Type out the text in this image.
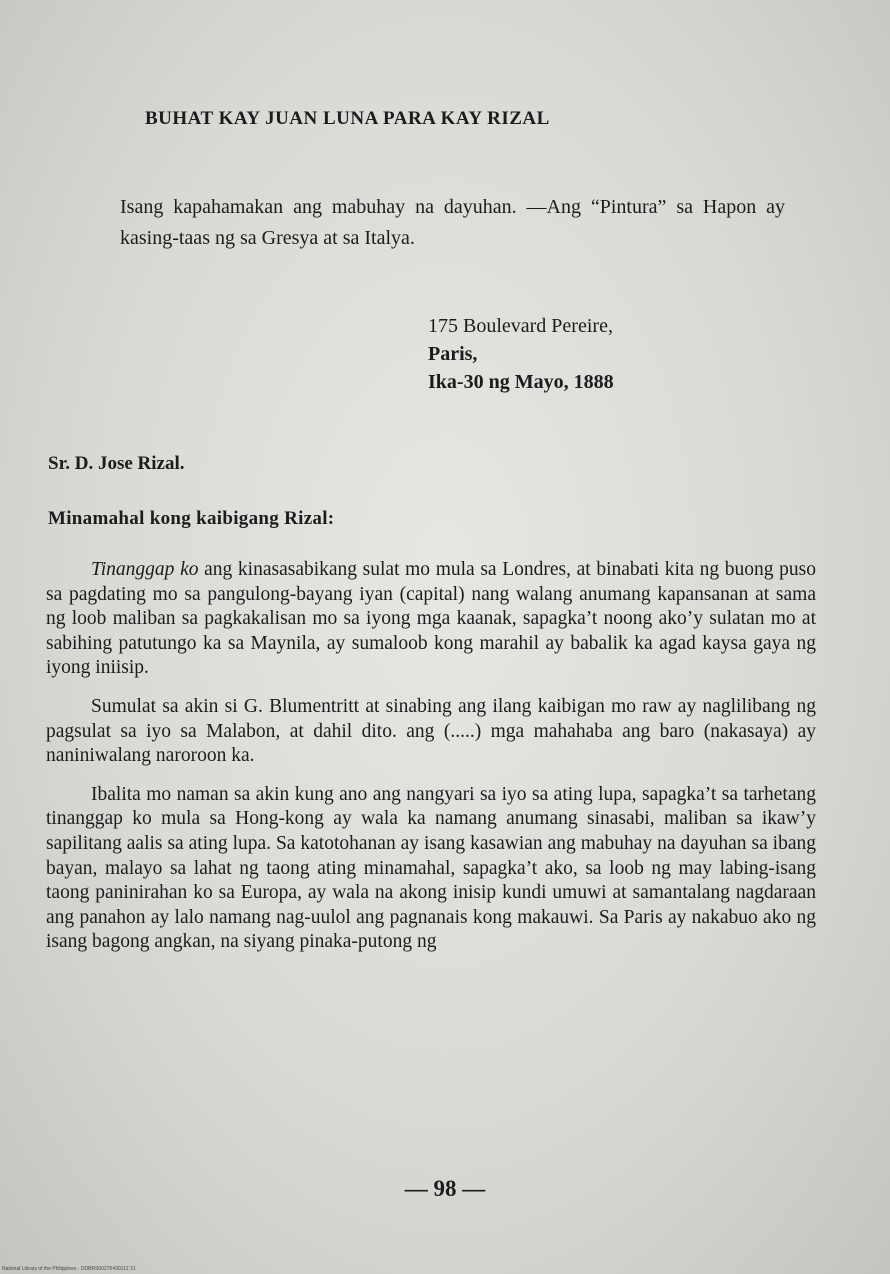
BUHAT KAY JUAN LUNA PARA KAY RIZAL
Isang kapahamakan ang mabuhay na dayuhan. —Ang “Pintura” sa Hapon ay kasing-taas ng sa Gresya at sa Italya.
175 Boulevard Pereire,
Paris,
Ika-30 ng Mayo, 1888
Sr. D. Jose Rizal.
Minamahal kong kaibigang Rizal:

Tinanggap ko ang kinasasabikang sulat mo mula sa Londres, at binabati kita ng buong puso sa pagdating mo sa pangulong-bayang iyan (capital) nang walang anumang kapansanan at sama ng loob maliban sa pagkakalisan mo sa iyong mga kaanak, sapagka’t noong ako’y sulatan mo at sabihing patutungo ka sa Maynila, ay sumaloob kong marahil ay babalik ka agad kaysa gaya ng iyong iniisip.

Sumulat sa akin si G. Blumentritt at sinabing ang ilang kaibigan mo raw ay naglilibang ng pagsulat sa iyo sa Malabon, at dahil dito. ang (.....) mga mahahaba ang baro (nakasaya) ay naniniwalang naroroon ka.

Ibalita mo naman sa akin kung ano ang nangyari sa iyo sa ating lupa, sapagka’t sa tarhetang tinanggap ko mula sa Hong-kong ay wala ka namang anumang sinasabi, maliban sa ikaw’y sapilitang aalis sa ating lupa. Sa katotohanan ay isang kasawian ang mabuhay na dayuhan sa ibang bayan, malayo sa lahat ng taong ating minamahal, sapagka’t ako, sa loob ng may labing-isang taong paninirahan ko sa Europa, ay wala na akong inisip kundi umuwi at samantalang nagdaraan ang panahon ay lalo namang nag-uulol ang pagnanais kong makauwi. Sa Paris ay nakabuo ako ng isang bagong angkan, na siyang pinaka-putong ng

— 98 —
National Library of the Philippines · DDBRS00275430112 31
